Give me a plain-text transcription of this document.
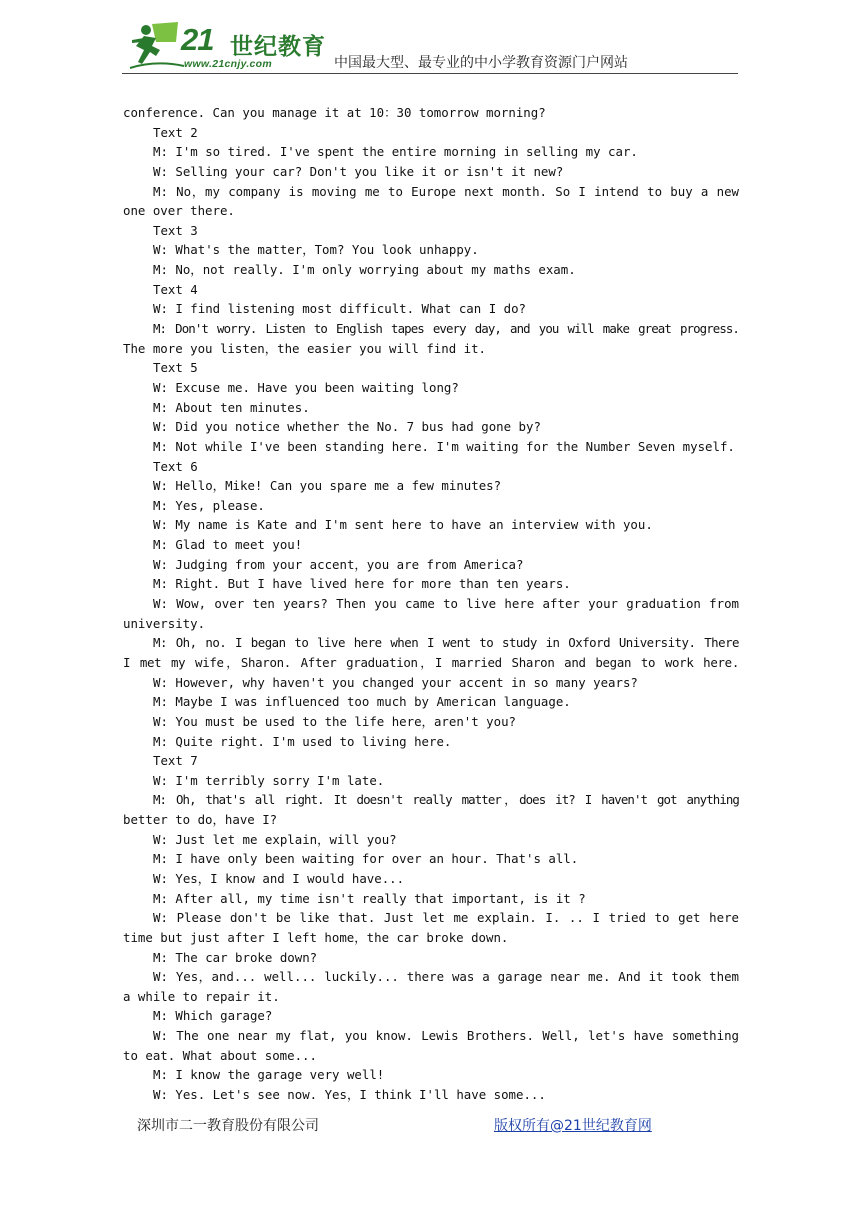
21 世纪教育
www.21cnjy.com	中国最大型、最专业的中小学教育资源门户网站
conference. Can you manage it at 10：30 tomorrow morning?
Text 2
M: I'm so tired. I've spent the entire morning in selling my car.
W: Selling your car? Don't you like it or isn't it new?
M: No，my company is moving me to Europe next month. So I intend to buy a new
one over there.
Text 3
W: What's the matter，Tom? You look unhappy.
M: No，not really. I'm only worrying about my maths exam.
Text 4
W: I find listening most difficult. What can I do?
M: Don't worry. Listen to English tapes every day, and you will make great progress.
The more you listen，the easier you will find it.
Text 5
W: Excuse me. Have you been waiting long?
M: About ten minutes.
W: Did you notice whether the No. 7 bus had gone by?
M: Not while I've been standing here. I'm waiting for the Number Seven myself.
Text 6
W: Hello，Mike! Can you spare me a few minutes?
M: Yes, please.
W: My name is Kate and I'm sent here to have an interview with you.
M: Glad to meet you!
W: Judging from your accent，you are from America?
M: Right. But I have lived here for more than ten years.
W: Wow, over ten years? Then you came to live here after your graduation from
university.
M: Oh, no. I began to live here when I went to study in Oxford University. There
I met my wife，Sharon. After graduation，I married Sharon and began to work here.
W: However, why haven't you changed your accent in so many years?
M: Maybe I was influenced too much by American language.
W: You must be used to the life here，aren't you?
M: Quite right. I'm used to living here.
Text 7
W: I'm terribly sorry I'm late.
M: Oh, that's all right. It doesn't really matter，does it? I haven't got anything
better to do，have I?
W: Just let me explain，will you?
M: I have only been waiting for over an hour. That's all.
W: Yes，I know and I would have...
M: After all, my time isn't really that important, is it ?
W: Please don't be like that. Just let me explain. I. .. I tried to get here
time but just after I left home，the car broke down.
M: The car broke down?
W: Yes，and... well... luckily... there was a garage near me. And it took them
a while to repair it.
M: Which garage?
W: The one near my flat, you know. Lewis Brothers. Well, let's have something
to eat. What about some...
M: I know the garage very well!
W: Yes. Let's see now. Yes，I think I'll have some...
深圳市二一教育股份有限公司	版权所有@21世纪教育网
